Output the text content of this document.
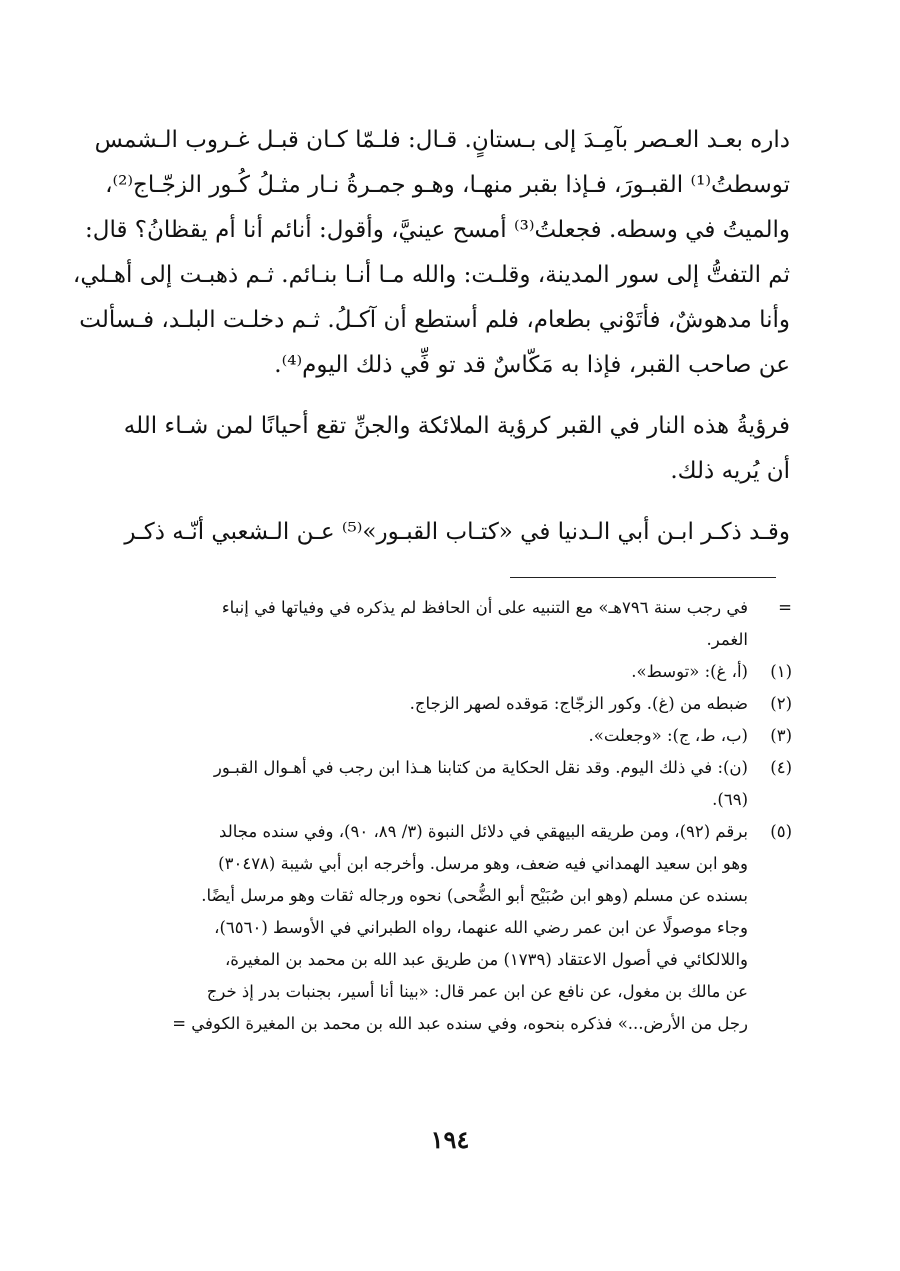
داره بعـد العـصر بآمِـدَ إلى بـستانٍ. قـال: فلـمّا كـان قبـل غـروب الـشمس
توسطتُ⁽¹⁾ القبـورَ، فـإذا بقبر منهـا، وهـو جمـرةُ نـار مثـلُ كُـور الزجّـاج⁽²⁾،
والميتُ في وسطه. فجعلتُ⁽³⁾ أمسح عينيَّ، وأقول: أنائم أنا أم يقظانُ؟ قال:
ثم التفتُّ إلى سور المدينة، وقلـت: والله مـا أنـا بنـائم. ثـم ذهبـت إلى أهـلي،
وأنا مدهوشٌ، فأتَوْني بطعام، فلم أستطع أن آكـلُ. ثـم دخلـت البلـد، فـسألت
عن صاحب القبر، فإذا به مَكّاسٌ قد تو فِّي ذلك اليوم⁽⁴⁾.
فرؤيةُ هذه النار في القبر كرؤية الملائكة والجنِّ تقع أحيانًا لمن شـاء الله
أن يُريه ذلك.
وقـد ذكـر ابـن أبي الـدنيا في «كتـاب القبـور»⁽⁵⁾ عـن الـشعبي أنّـه ذكـر
=
في رجب سنة ٧٩٦هـ» مع التنبيه على أن الحافظ لم يذكره في وفياتها في إنباء
الغمر.
(١)
(أ، غ): «توسط».
(٢)
ضبطه من (غ). وكور الزجّاج: مَوقده لصهر الزجاج.
(٣)
(ب، ط، ج): «وجعلت».
(٤)
(ن): في ذلك اليوم. وقد نقل الحكاية من كتابنا هـذا ابن رجب في أهـوال القبـور
(٦٩).
(٥)
برقم (٩٢)، ومن طريقه البيهقي في دلائل النبوة (٣/ ٨٩، ٩٠)، وفي سنده مجالد
وهو ابن سعيد الهمداني فيه ضعف، وهو مرسل. وأخرجه ابن أبي شيبة (٣٠٤٧٨)
بسنده عن مسلم (وهو ابن صُبَيْح أبو الضُّحى) نحوه ورجاله ثقات وهو مرسل أيضًا.
وجاء موصولًا عن ابن عمر رضي الله عنهما، رواه الطبراني في الأوسط (٦٥٦٠)،
واللالكائي في أصول الاعتقاد (١٧٣٩) من طريق عبد الله بن محمد بن المغيرة،
عن مالك بن مغول، عن نافع عن ابن عمر قال: «بينا أنا أسير، بجنبات بدر إذ خرج
رجل من الأرض...» فذكره بنحوه، وفي سنده عبد الله بن محمد بن المغيرة الكوفي =
١٩٤
